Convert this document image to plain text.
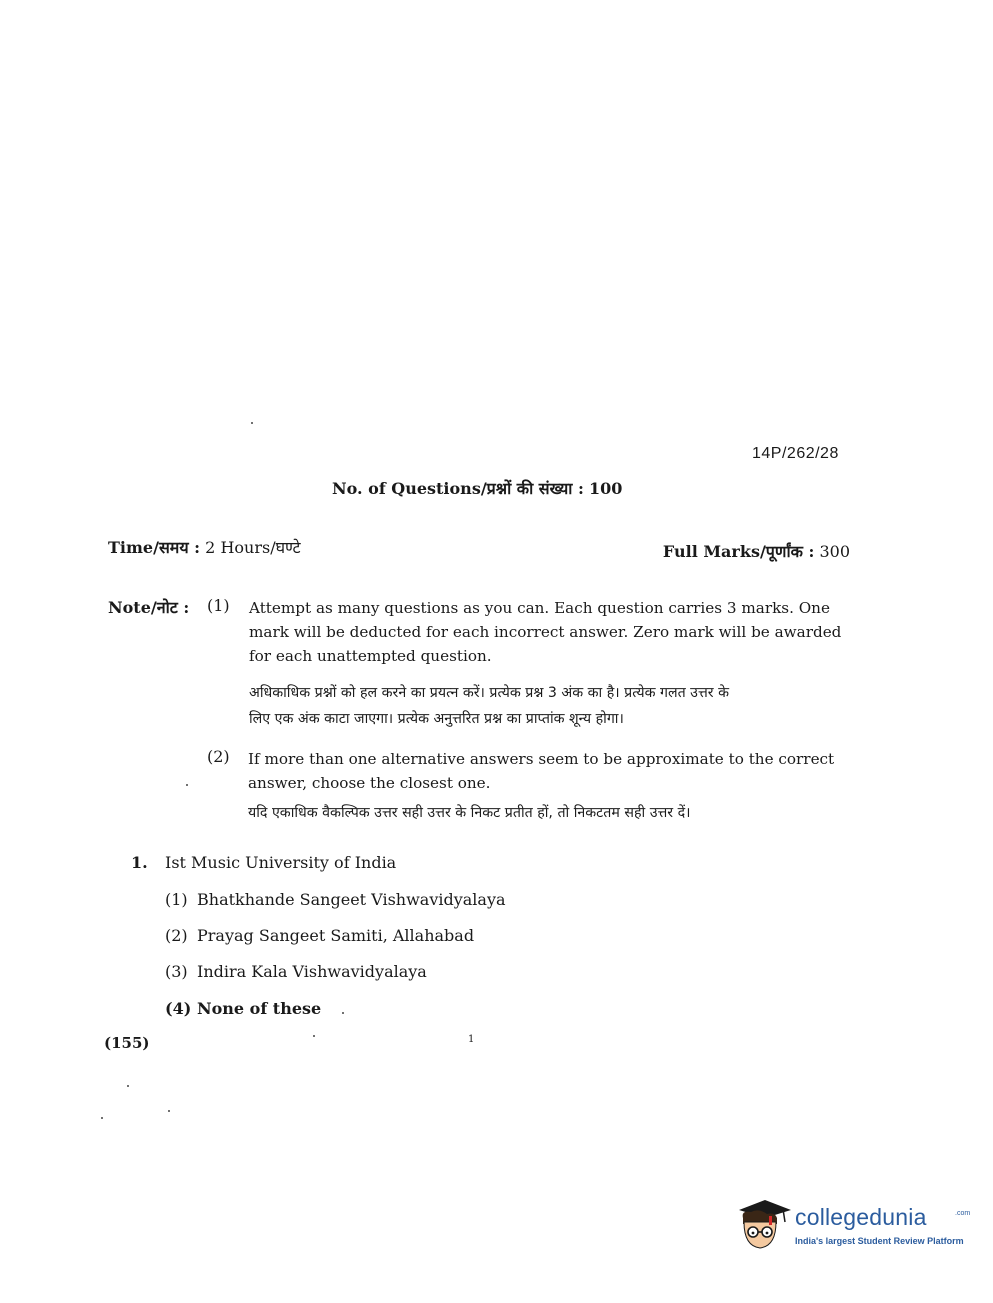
14P/262/28
No. of Questions/प्रश्नों की संख्या : 100
Time/समय : 2 Hours/घण्टे	Full Marks/पूर्णांक : 300
Note/नोट : (1) Attempt as many questions as you can. Each question carries 3 marks. One
mark will be deducted for each incorrect answer. Zero mark will be awarded
for each unattempted question.
अधिकाधिक प्रश्नों को हल करने का प्रयत्न करें। प्रत्येक प्रश्न 3 अंक का है। प्रत्येक गलत उत्तर के
लिए एक अंक काटा जाएगा। प्रत्येक अनुत्तरित प्रश्न का प्राप्तांक शून्य होगा।
(2) If more than one alternative answers seem to be approximate to the correct
answer, choose the closest one.
यदि एकाधिक वैकल्पिक उत्तर सही उत्तर के निकट प्रतीत हों, तो निकटतम सही उत्तर दें।
1. Ist Music University of India
(1) Bhatkhande Sangeet Vishwavidyalaya
(2) Prayag Sangeet Samiti, Allahabad
(3) Indira Kala Vishwavidyalaya
(4) None of these
(155)	1
collegedunia	.com
India's largest Student Review Platform
